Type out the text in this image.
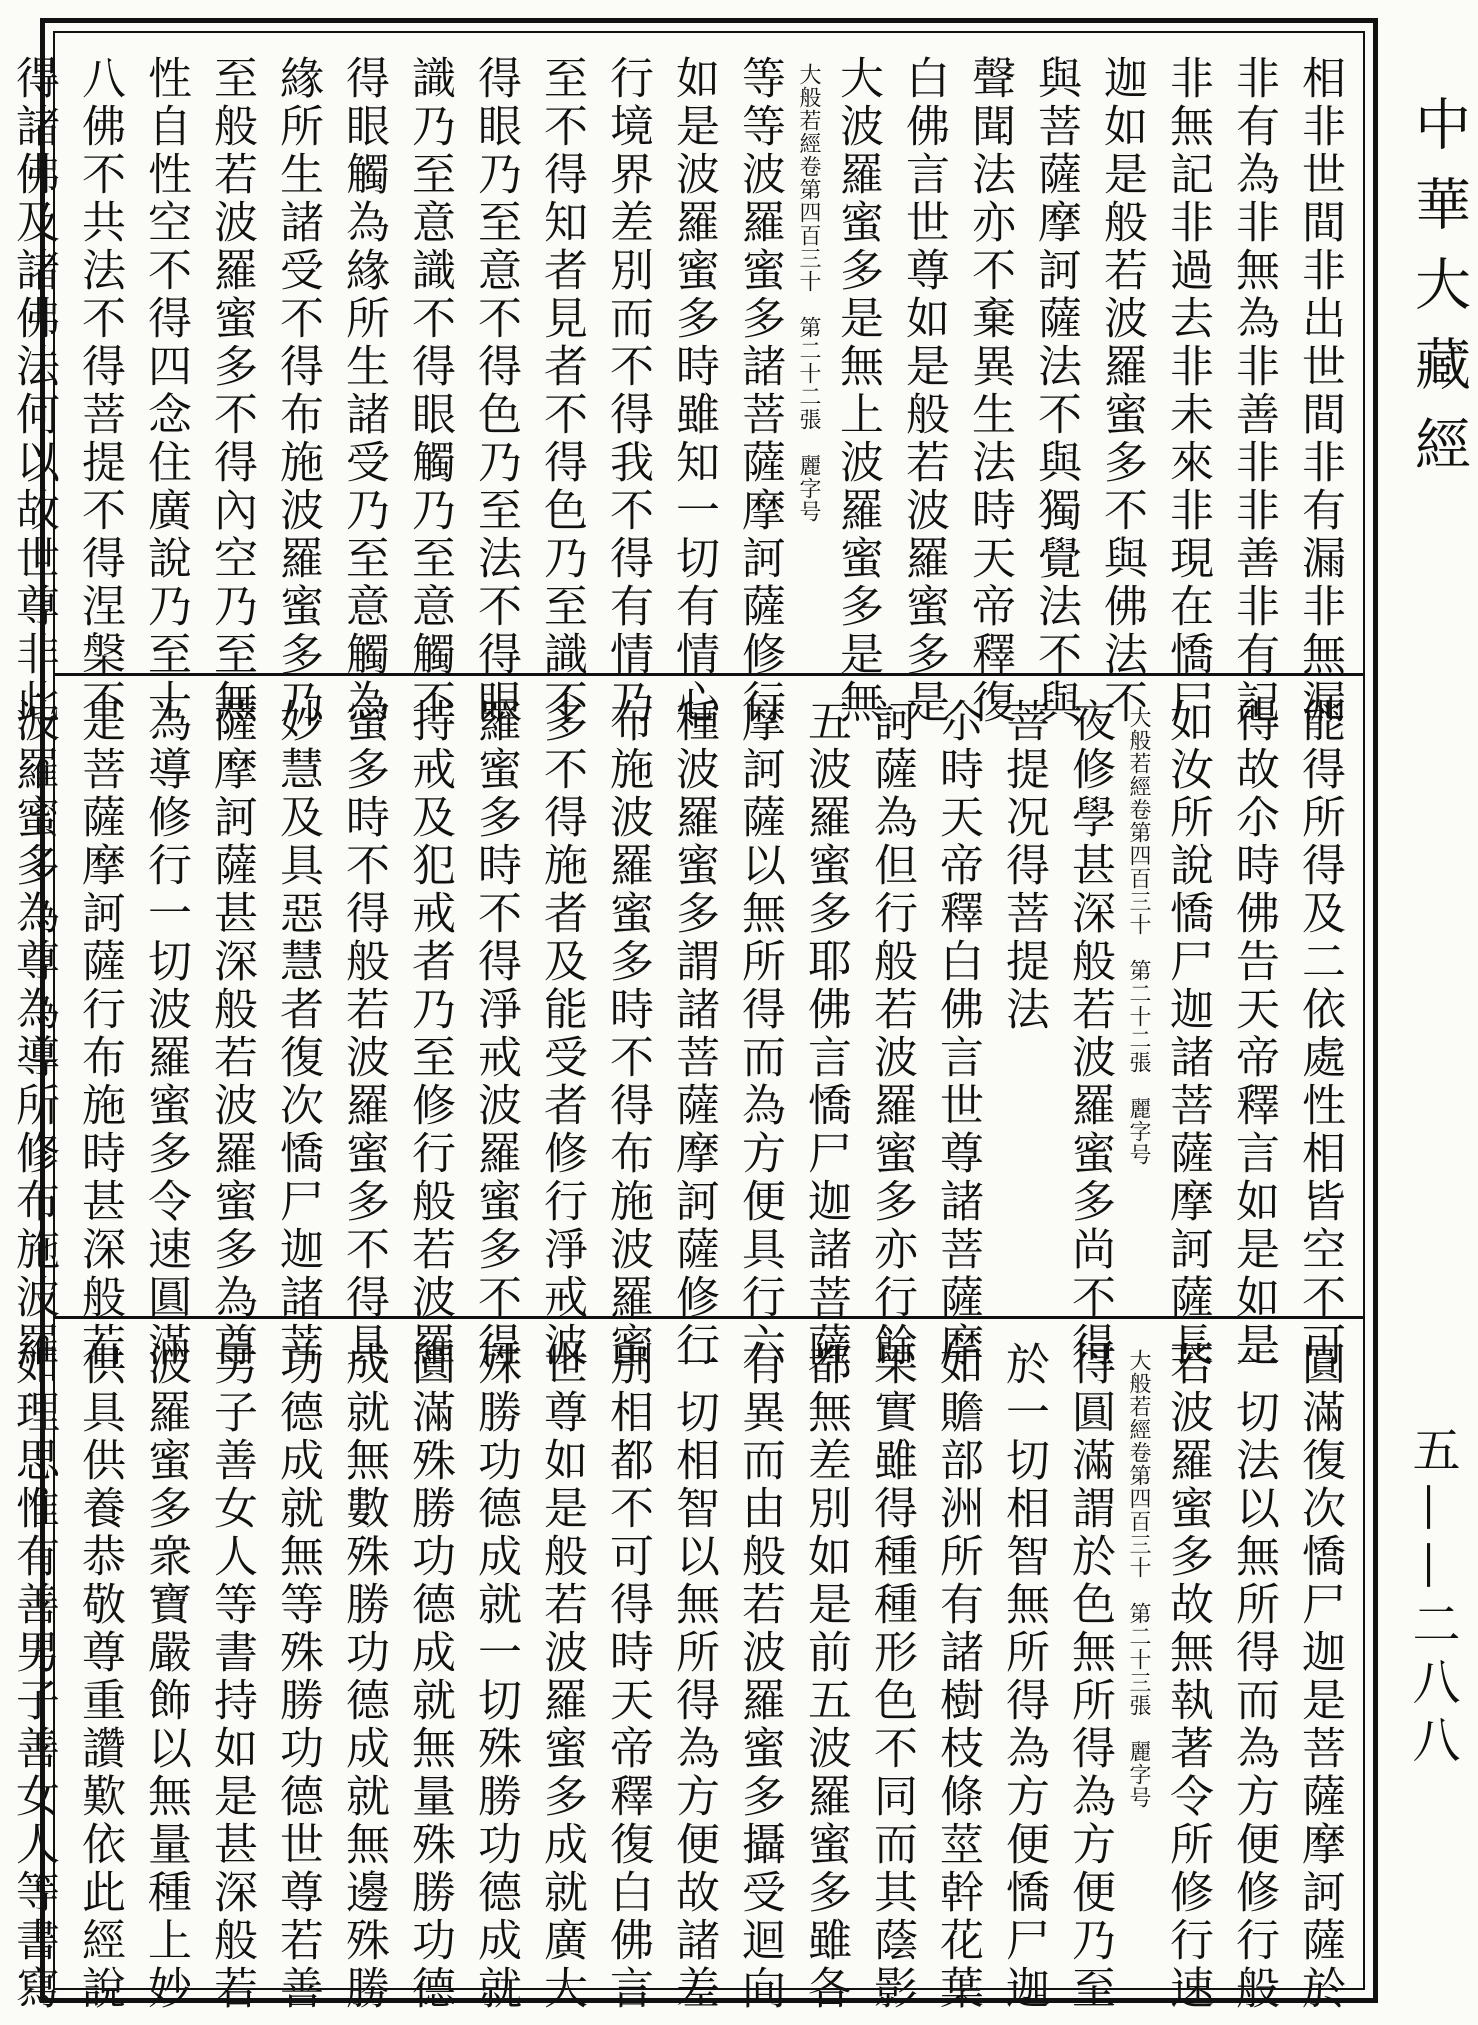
相非世間非出世間非有漏非無漏
非有為非無為非善非非善非有記
非無記非過去非未來非現在憍尸
迦如是般若波羅蜜多不與佛法不
與菩薩摩訶薩法不與獨覺法不與
聲聞法亦不棄異生法時天帝釋復
白佛言世尊如是般若波羅蜜多是
大波羅蜜多是無上波羅蜜多是無
大般若經卷第四百三十　第二十二張　麗字号
等等波羅蜜多諸菩薩摩訶薩修行
如是波羅蜜多時雖知一切有情心
行境界差別而不得我不得有情乃
至不得知者見者不得色乃至識不
得眼乃至意不得色乃至法不得眼
識乃至意識不得眼觸乃至意觸不
得眼觸為緣所生諸受乃至意觸為
緣所生諸受不得布施波羅蜜多乃
至般若波羅蜜多不得內空乃至無
性自性空不得四念住廣說乃至十
八佛不共法不得菩提不得涅槃不
得諸佛及諸佛法何以故世尊非此
能得所得及二依處性相皆空不可
得故尒時佛告天帝釋言如是如是
如汝所說憍尸迦諸菩薩摩訶薩長
大般若經卷第四百三十　第二十二張　麗字号
夜修學甚深般若波羅蜜多尚不得
菩提况得菩提法
尒時天帝釋白佛言世尊諸菩薩摩
訶薩為但行般若波羅蜜多亦行餘
五波羅蜜多耶佛言憍尸迦諸菩薩
摩訶薩以無所得而為方便具行六
種波羅蜜多謂諸菩薩摩訶薩修行
布施波羅蜜多時不得布施波羅蜜
多不得施者及能受者修行淨戒波
羅蜜多時不得淨戒波羅蜜多不得
持戒及犯戒者乃至修行般若波羅
蜜多時不得般若波羅蜜多不得具
妙慧及具惡慧者復次憍尸迦諸菩
薩摩訶薩甚深般若波羅蜜多為尊
為導修行一切波羅蜜多令速圓滿
是菩薩摩訶薩行布施時甚深般若
波羅蜜多為尊為導所修布施波羅
圓滿復次憍尸迦是菩薩摩訶薩於
一切法以無所得而為方便修行般
若波羅蜜多故無執著令所修行速
大般若經卷第四百三十　第二十三張　麗字号
得圓滿謂於色無所得為方便乃至
於一切相智無所得為方便憍尸迦
如贍部洲所有諸樹枝條莖幹花葉
果實雖得種種形色不同而其蔭影
都無差別如是前五波羅蜜多雖各
有異而由般若波羅蜜多攝受迴向
一切相智以無所得為方便故諸差
別相都不可得時天帝釋復白佛言
世尊如是般若波羅蜜多成就廣大
殊勝功德成就一切殊勝功德成就
圓滿殊勝功德成就無量殊勝功德
成就無數殊勝功德成就無邊殊勝
功德成就無等殊勝功德世尊若善
男子善女人等書持如是甚深般若
波羅蜜多衆寶嚴飾以無量種上妙
供具供養恭敬尊重讚歎依此經說
如理思惟有善男子善女人等書寫
中華大藏經
五——二八八
